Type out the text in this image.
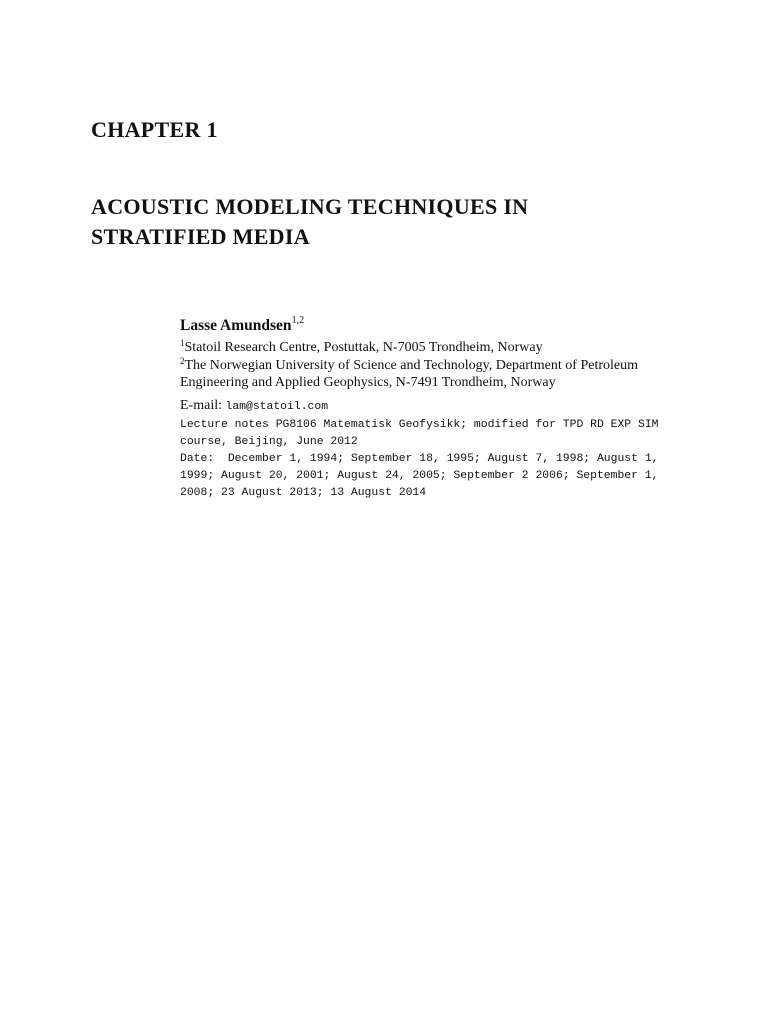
CHAPTER 1
ACOUSTIC MODELING TECHNIQUES IN
STRATIFIED MEDIA
Lasse Amundsen$^{1,2}$
$^1$Statoil Research Centre, Postuttak, N-7005 Trondheim, Norway
$^2$The Norwegian University of Science and Technology, Department of Petroleum
Engineering and Applied Geophysics, N-7491 Trondheim, Norway
E-mail: lam@statoil.com
Lecture notes PG8106 Matematisk Geofysikk; modified for TPD RD EXP SIM
course, Beijing, June 2012
Date:  December 1, 1994; September 18, 1995; August 7, 1998; August 1,
1999; August 20, 2001; August 24, 2005; September 2 2006; September 1,
2008; 23 August 2013; 13 August 2014
